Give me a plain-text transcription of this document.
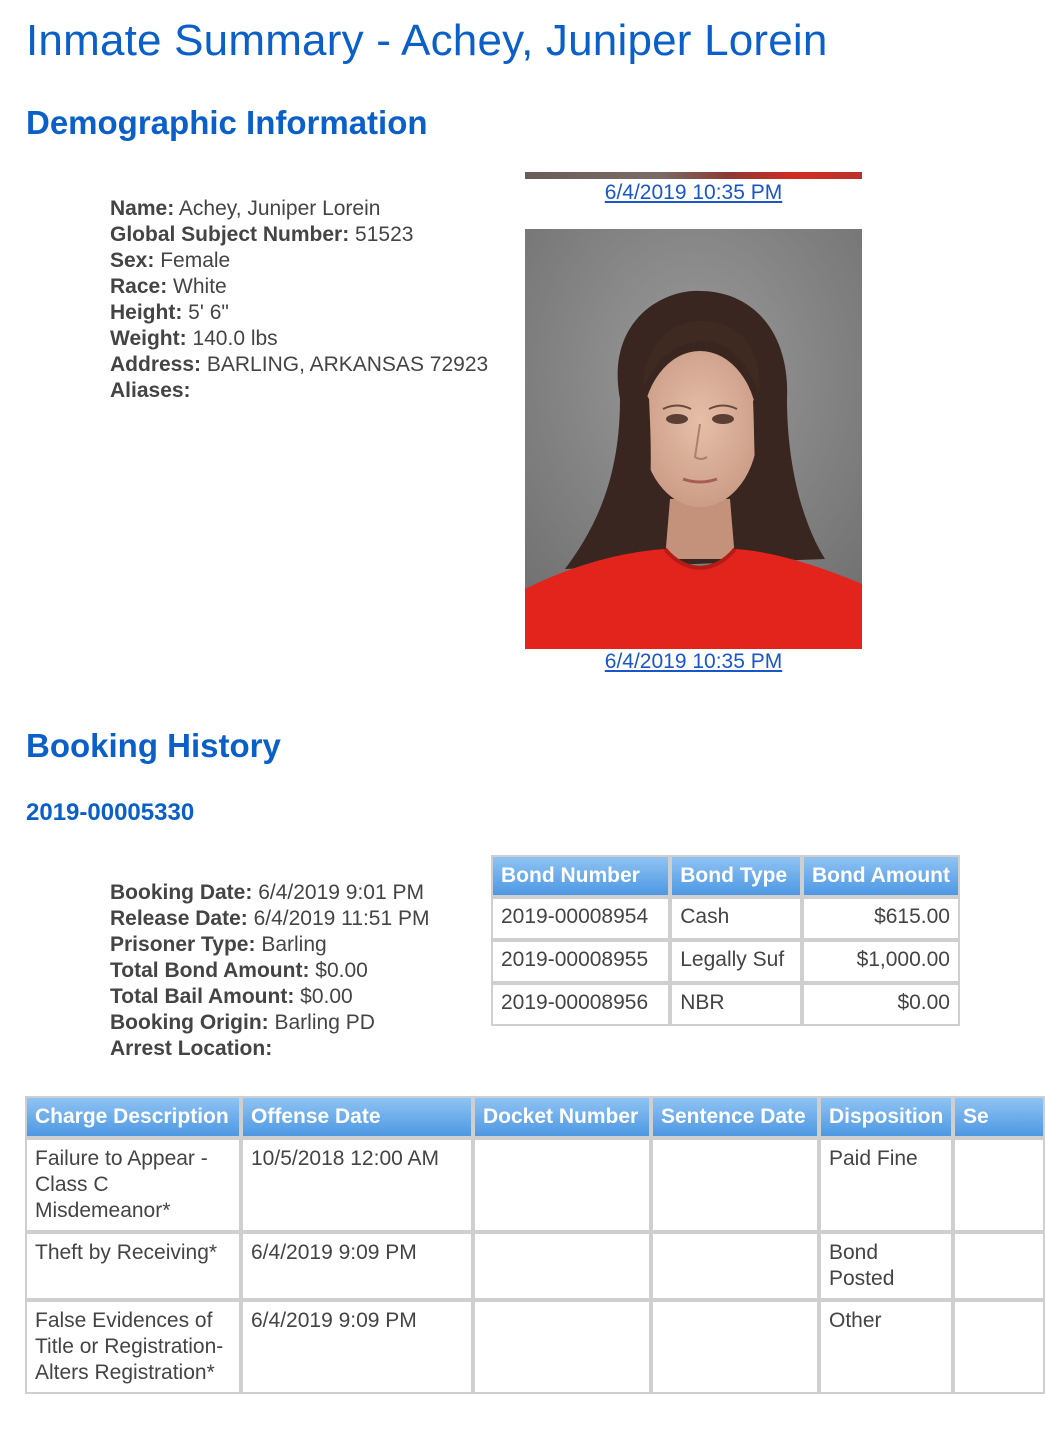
Inmate Summary - Achey, Juniper Lorein
Demographic Information
Name: Achey, Juniper Lorein
Global Subject Number: 51523
Sex: Female
Race: White
Height: 5' 6"
Weight: 140.0 lbs
Address: BARLING, ARKANSAS 72923
Aliases:
6/4/2019 10:35 PM
6/4/2019 10:35 PM
Booking History
2019-00005330
Booking Date: 6/4/2019 9:01 PM
Release Date: 6/4/2019 11:51 PM
Prisoner Type: Barling
Total Bond Amount: $0.00
Total Bail Amount: $0.00
Booking Origin: Barling PD
Arrest Location:
Bond Number	Bond Type	Bond Amount
2019-00008954	Cash	$615.00
2019-00008955	Legally Suf	$1,000.00
2019-00008956	NBR	$0.00
Charge Description	Offense Date	Docket Number	Sentence Date	Disposition	Se
Failure to Appear - Class C Misdemeanor*	10/5/2018 12:00 AM			Paid Fine	
Theft by Receiving*	6/4/2019 9:09 PM			Bond Posted	
False Evidences of Title or Registration-Alters Registration*	6/4/2019 9:09 PM			Other	
